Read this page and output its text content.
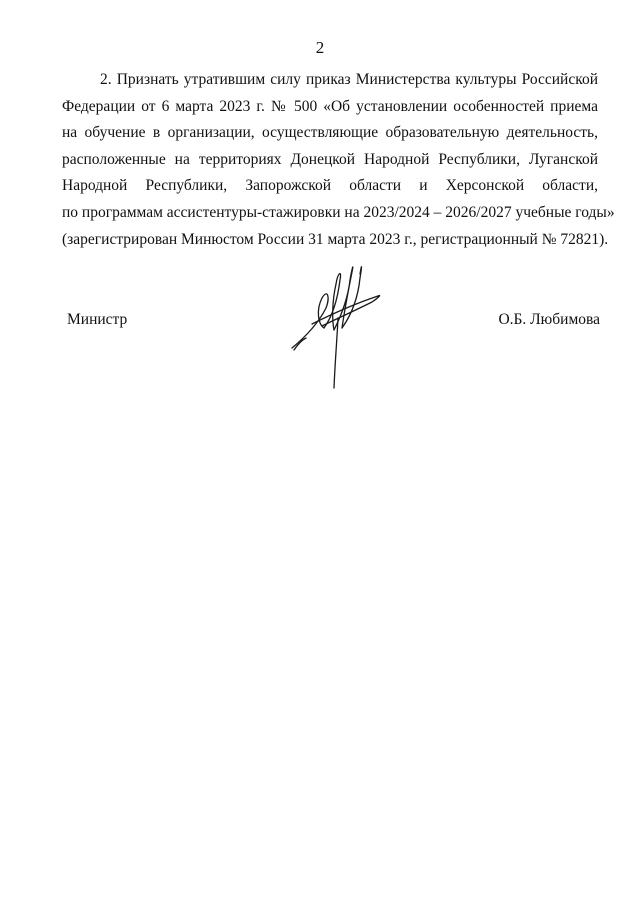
2
2. Признать утратившим силу приказ Министерства культуры Российской
Федерации от 6 марта 2023 г. № 500 «Об установлении особенностей приема
на обучение в организации, осуществляющие образовательную деятельность,
расположенные на территориях Донецкой Народной Республики, Луганской
Народной Республики, Запорожской области и Херсонской области,
по программам ассистентуры-стажировки на 2023/2024 – 2026/2027 учебные годы»
(зарегистрирован Минюстом России 31 марта 2023 г., регистрационный № 72821).
Министр	О.Б. Любимова
